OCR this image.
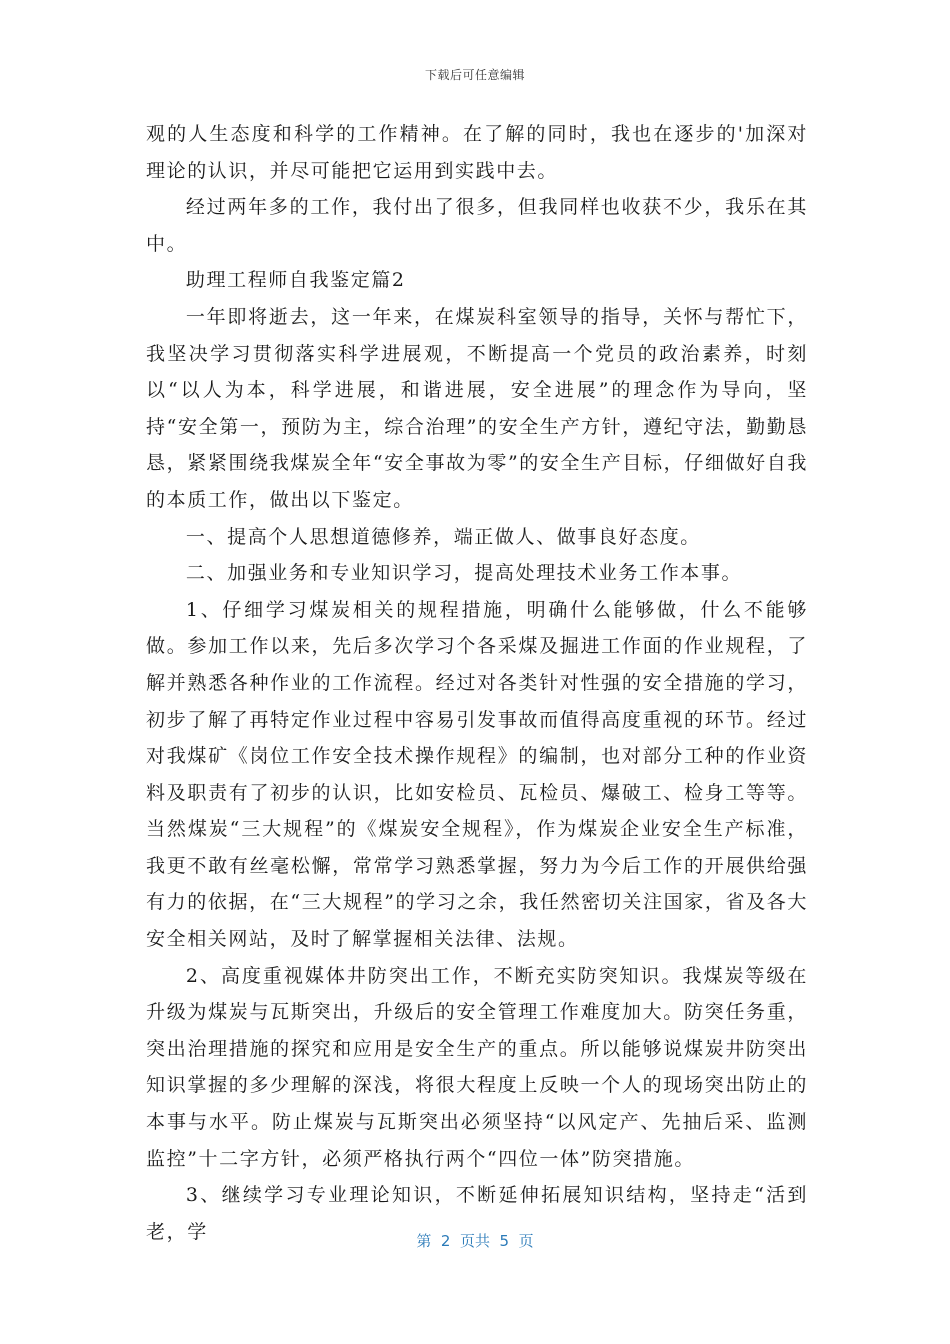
下载后可任意编辑

观的人生态度和科学的工作精神。在了解的同时，我也在逐步的'加深对理论的认识，并尽可能把它运用到实践中去。

经过两年多的工作，我付出了很多，但我同样也收获不少，我乐在其中。

助理工程师自我鉴定篇2

一年即将逝去，这一年来，在煤炭科室领导的指导，关怀与帮忙下，我坚决学习贯彻落实科学进展观，不断提高一个党员的政治素养，时刻以“以人为本，科学进展，和谐进展，安全进展”的理念作为导向，坚持“安全第一，预防为主，综合治理”的安全生产方针，遵纪守法，勤勤恳恳，紧紧围绕我煤炭全年“安全事故为零”的安全生产目标，仔细做好自我的本质工作，做出以下鉴定。

一、提高个人思想道德修养，端正做人、做事良好态度。

二、加强业务和专业知识学习，提高处理技术业务工作本事。

1、仔细学习煤炭相关的规程措施，明确什么能够做，什么不能够做。参加工作以来，先后多次学习个各采煤及掘进工作面的作业规程，了解并熟悉各种作业的工作流程。经过对各类针对性强的安全措施的学习，初步了解了再特定作业过程中容易引发事故而值得高度重视的环节。经过对我煤矿《岗位工作安全技术操作规程》的编制，也对部分工种的作业资料及职责有了初步的认识，比如安检员、瓦检员、爆破工、检身工等等。当然煤炭“三大规程”的《煤炭安全规程》，作为煤炭企业安全生产标准，我更不敢有丝毫松懈，常常学习熟悉掌握，努力为今后工作的开展供给强有力的依据，在“三大规程”的学习之余，我任然密切关注国家，省及各大安全相关网站，及时了解掌握相关法律、法规。

2、高度重视媒体井防突出工作，不断充实防突知识。我煤炭等级在升级为煤炭与瓦斯突出，升级后的安全管理工作难度加大。防突任务重，突出治理措施的探究和应用是安全生产的重点。所以能够说煤炭井防突出知识掌握的多少理解的深浅，将很大程度上反映一个人的现场突出防止的本事与水平。防止煤炭与瓦斯突出必须坚持“以风定产、先抽后采、监测监控”十二字方针，必须严格执行两个“四位一体”防突措施。

3、继续学习专业理论知识，不断延伸拓展知识结构，坚持走“活到老，学	第  2  页共  5  页
